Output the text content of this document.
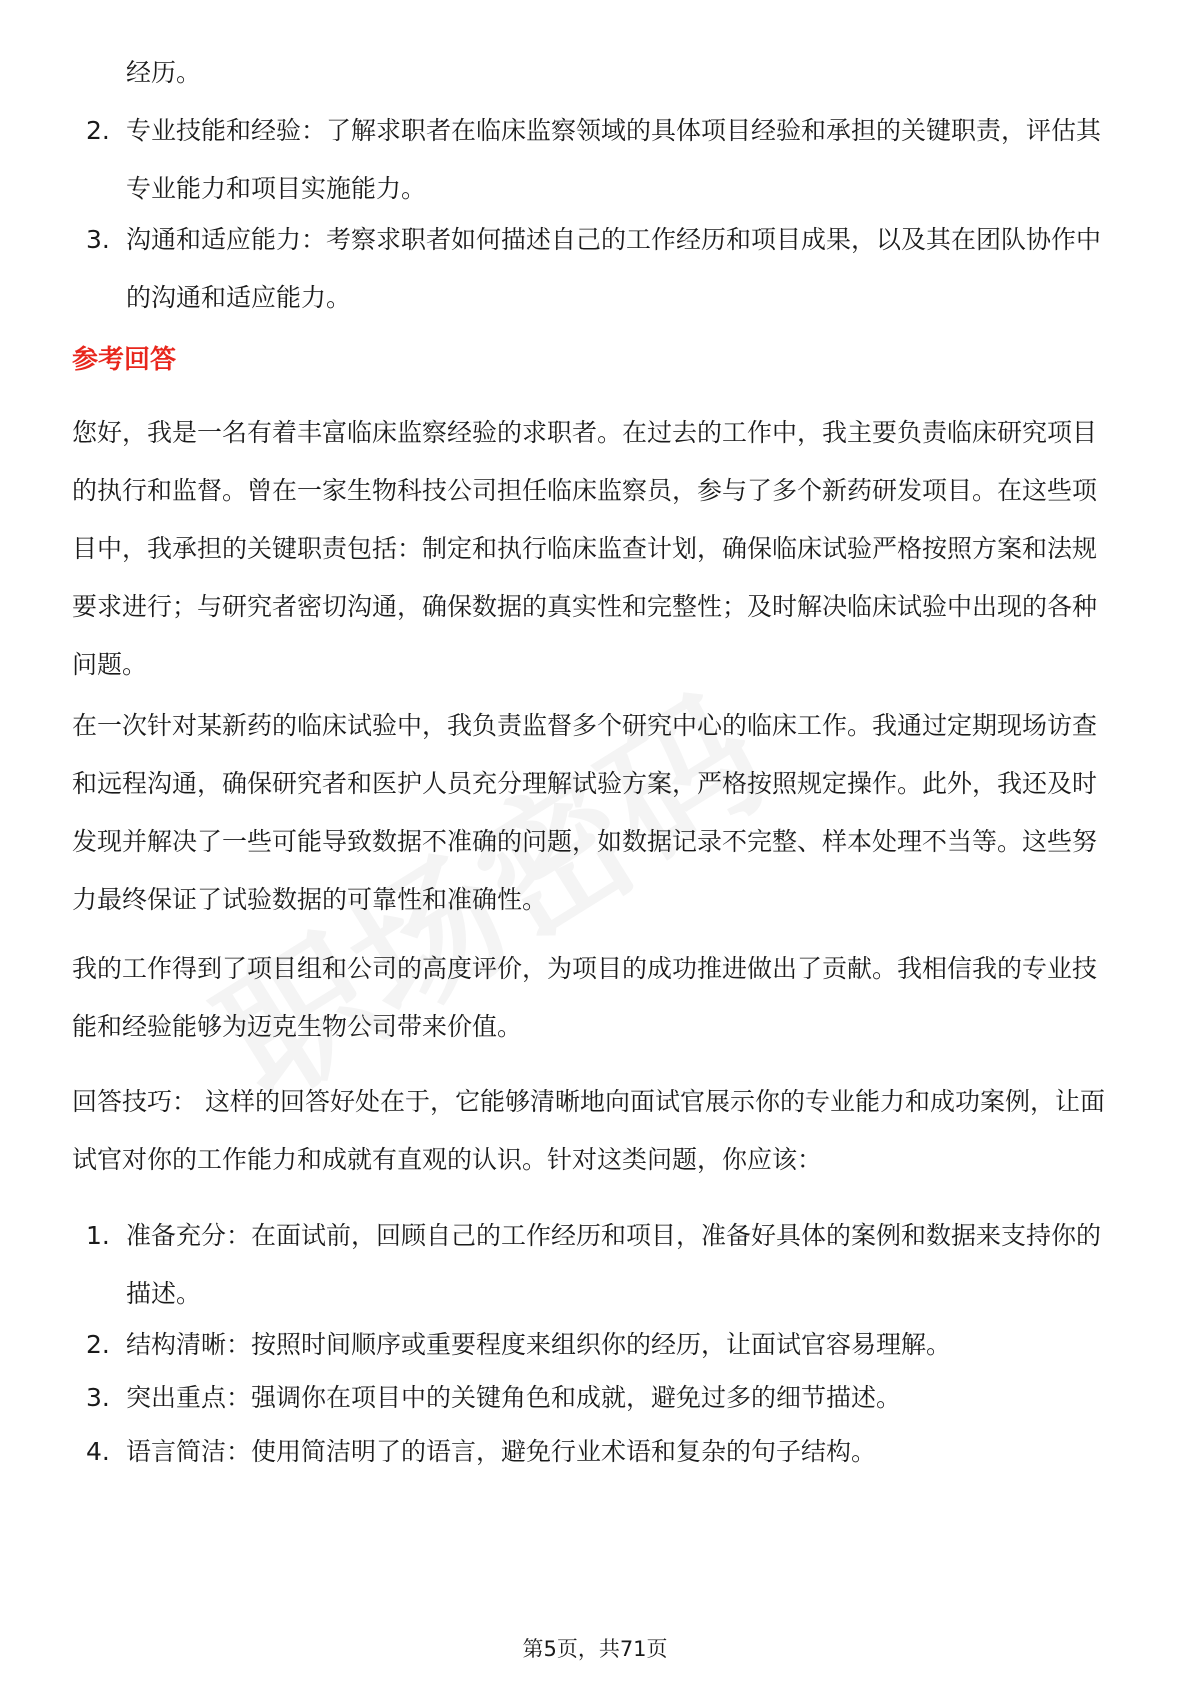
经历。

2. 专业技能和经验：了解求职者在临床监察领域的具体项目经验和承担的关键职责，评估其专业能力和项目实施能力。

3. 沟通和适应能力：考察求职者如何描述自己的工作经历和项目成果，以及其在团队协作中的沟通和适应能力。

参考回答

您好，我是一名有着丰富临床监察经验的求职者。在过去的工作中，我主要负责临床研究项目的执行和监督。曾在一家生物科技公司担任临床监察员，参与了多个新药研发项目。在这些项目中，我承担的关键职责包括：制定和执行临床监查计划，确保临床试验严格按照方案和法规要求进行；与研究者密切沟通，确保数据的真实性和完整性；及时解决临床试验中出现的各种问题。

在一次针对某新药的临床试验中，我负责监督多个研究中心的临床工作。我通过定期现场访查和远程沟通，确保研究者和医护人员充分理解试验方案，严格按照规定操作。此外，我还及时发现并解决了一些可能导致数据不准确的问题，如数据记录不完整、样本处理不当等。这些努力最终保证了试验数据的可靠性和准确性。

我的工作得到了项目组和公司的高度评价，为项目的成功推进做出了贡献。我相信我的专业技能和经验能够为迈克生物公司带来价值。

回答技巧： 这样的回答好处在于，它能够清晰地向面试官展示你的专业能力和成功案例，让面试官对你的工作能力和成就有直观的认识。针对这类问题，你应该：

1. 准备充分：在面试前，回顾自己的工作经历和项目，准备好具体的案例和数据来支持你的描述。

2. 结构清晰：按照时间顺序或重要程度来组织你的经历，让面试官容易理解。

3. 突出重点：强调你在项目中的关键角色和成就，避免过多的细节描述。

4. 语言简洁：使用简洁明了的语言，避免行业术语和复杂的句子结构。

第5页，共71页
